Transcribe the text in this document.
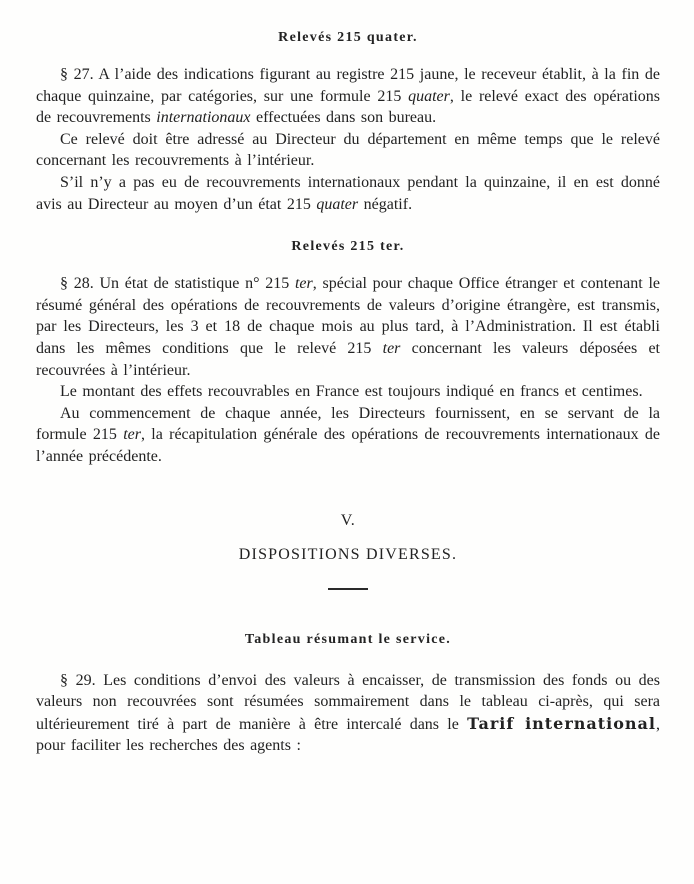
Relevés 215 quater.

§ 27. A l’aide des indications figurant au registre 215 jaune, le receveur établit, à la fin de chaque quinzaine, par catégories, sur une formule 215 quater, le relevé exact des opérations de recouvrements internationaux effectuées dans son bureau.

Ce relevé doit être adressé au Directeur du département en même temps que le relevé concernant les recouvrements à l’intérieur.

S’il n’y a pas eu de recouvrements internationaux pendant la quinzaine, il en est donné avis au Directeur au moyen d’un état 215 quater négatif.

Relevés 215 ter.

§ 28. Un état de statistique n° 215 ter, spécial pour chaque Office étranger et contenant le résumé général des opérations de recouvrements de valeurs d’origine étrangère, est transmis, par les Directeurs, les 3 et 18 de chaque mois au plus tard, à l’Administration. Il est établi dans les mêmes conditions que le relevé 215 ter concernant les valeurs déposées et recouvrées à l’intérieur.

Le montant des effets recouvrables en France est toujours indiqué en francs et centimes.

Au commencement de chaque année, les Directeurs fournissent, en se servant de la formule 215 ter, la récapitulation générale des opérations de recouvrements internationaux de l’année précédente.

V.
DISPOSITIONS DIVERSES.
Tableau résumant le service.

§ 29. Les conditions d’envoi des valeurs à encaisser, de transmission des fonds ou des valeurs non recouvrées sont résumées sommairement dans le tableau ci-après, qui sera ultérieurement tiré à part de manière à être intercalé dans le Tarif international, pour faciliter les recherches des agents :
